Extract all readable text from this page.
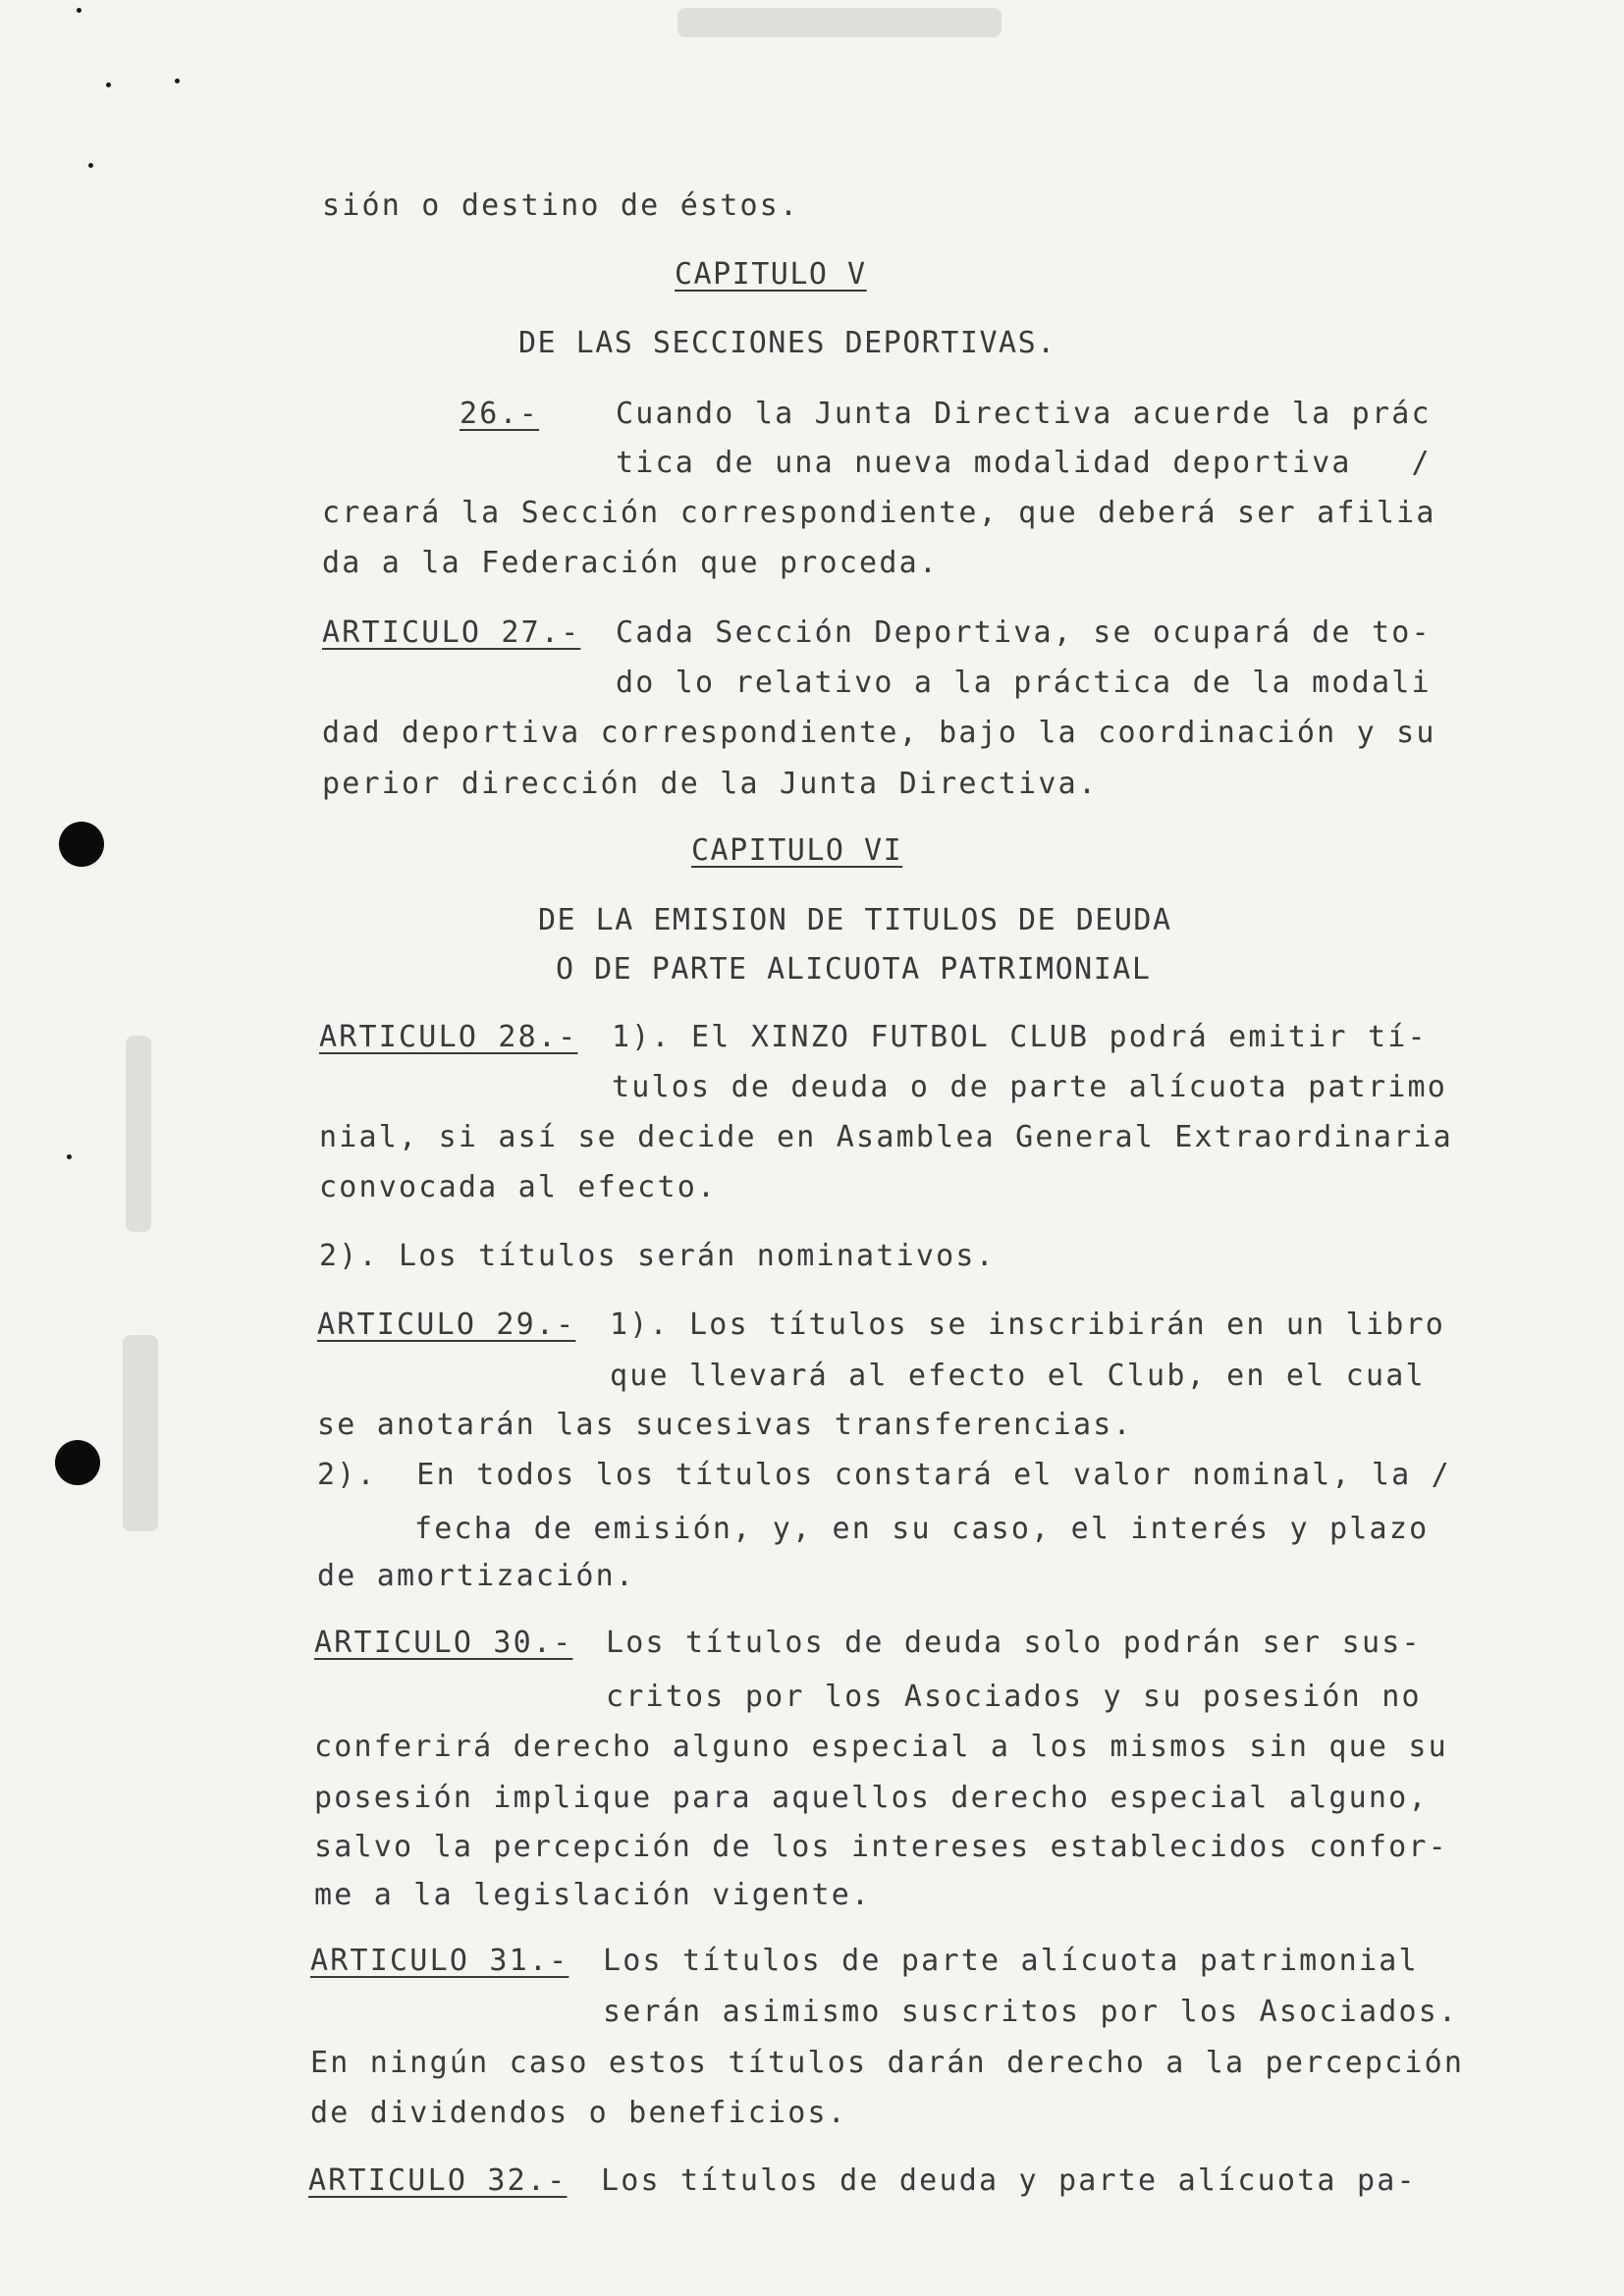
sión o destino de éstos.
CAPITULO V
DE LAS SECCIONES DEPORTIVAS.
26.-	Cuando la Junta Directiva acuerde la prác
tica de una nueva modalidad deportiva   /
creará la Sección correspondiente, que deberá ser afilia
da a la Federación que proceda.
ARTICULO 27.- Cada Sección Deportiva, se ocupará de to-
do lo relativo a la práctica de la modali
dad deportiva correspondiente, bajo la coordinación y su
perior dirección de la Junta Directiva.
CAPITULO VI
DE LA EMISION DE TITULOS DE DEUDA
O DE PARTE ALICUOTA PATRIMONIAL
ARTICULO 28.- 1). El XINZO FUTBOL CLUB podrá emitir tí-
tulos de deuda o de parte alícuota patrimo
nial, si así se decide en Asamblea General Extraordinaria
convocada al efecto.
2). Los títulos serán nominativos.
ARTICULO 29.- 1). Los títulos se inscribirán en un libro
que llevará al efecto el Club, en el cual
se anotarán las sucesivas transferencias.
2).  En todos los títulos constará el valor nominal, la /
fecha de emisión, y, en su caso, el interés y plazo
de amortización.
ARTICULO 30.- Los títulos de deuda solo podrán ser sus-
critos por los Asociados y su posesión no
conferirá derecho alguno especial a los mismos sin que su
posesión implique para aquellos derecho especial alguno,
salvo la percepción de los intereses establecidos confor-
me a la legislación vigente.
ARTICULO 31.- Los títulos de parte alícuota patrimonial
serán asimismo suscritos por los Asociados.
En ningún caso estos títulos darán derecho a la percepción
de dividendos o beneficios.
ARTICULO 32.- Los títulos de deuda y parte alícuota pa-
